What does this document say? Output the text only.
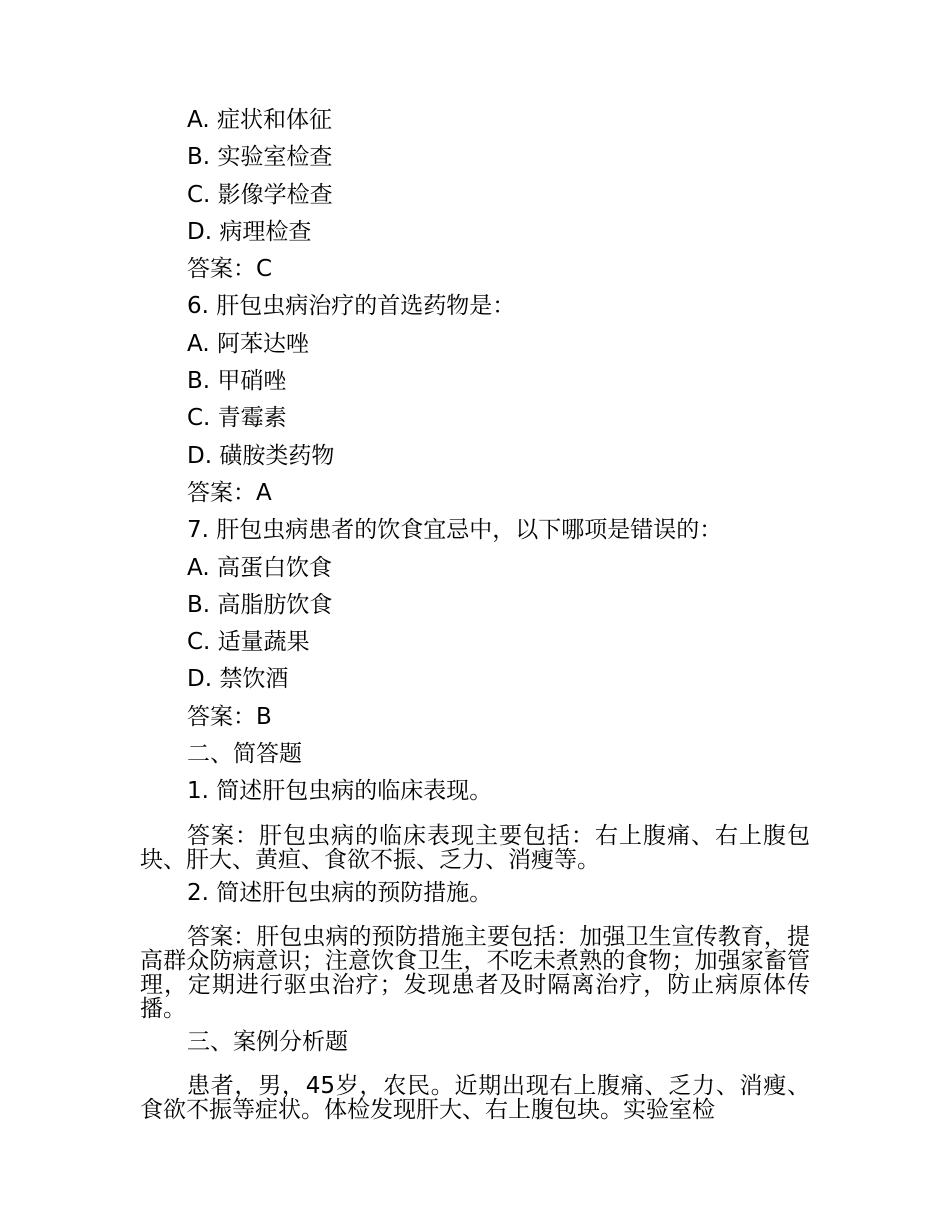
A. 症状和体征
B. 实验室检查
C. 影像学检查
D. 病理检查
答案：C
6. 肝包虫病治疗的首选药物是：
A. 阿苯达唑
B. 甲硝唑
C. 青霉素
D. 磺胺类药物
答案：A
7. 肝包虫病患者的饮食宜忌中，以下哪项是错误的：
A. 高蛋白饮食
B. 高脂肪饮食
C. 适量蔬果
D. 禁饮酒
答案：B
二、简答题
1. 简述肝包虫病的临床表现。
答案：肝包虫病的临床表现主要包括：右上腹痛、右上腹包块、肝大、黄疸、食欲不振、乏力、消瘦等。
2. 简述肝包虫病的预防措施。
答案：肝包虫病的预防措施主要包括：加强卫生宣传教育，提高群众防病意识；注意饮食卫生，不吃未煮熟的食物；加强家畜管理，定期进行驱虫治疗；发现患者及时隔离治疗，防止病原体传播。
三、案例分析题
患者，男，45岁，农民。近期出现右上腹痛、乏力、消瘦、食欲不振等症状。体检发现肝大、右上腹包块。实验室检
